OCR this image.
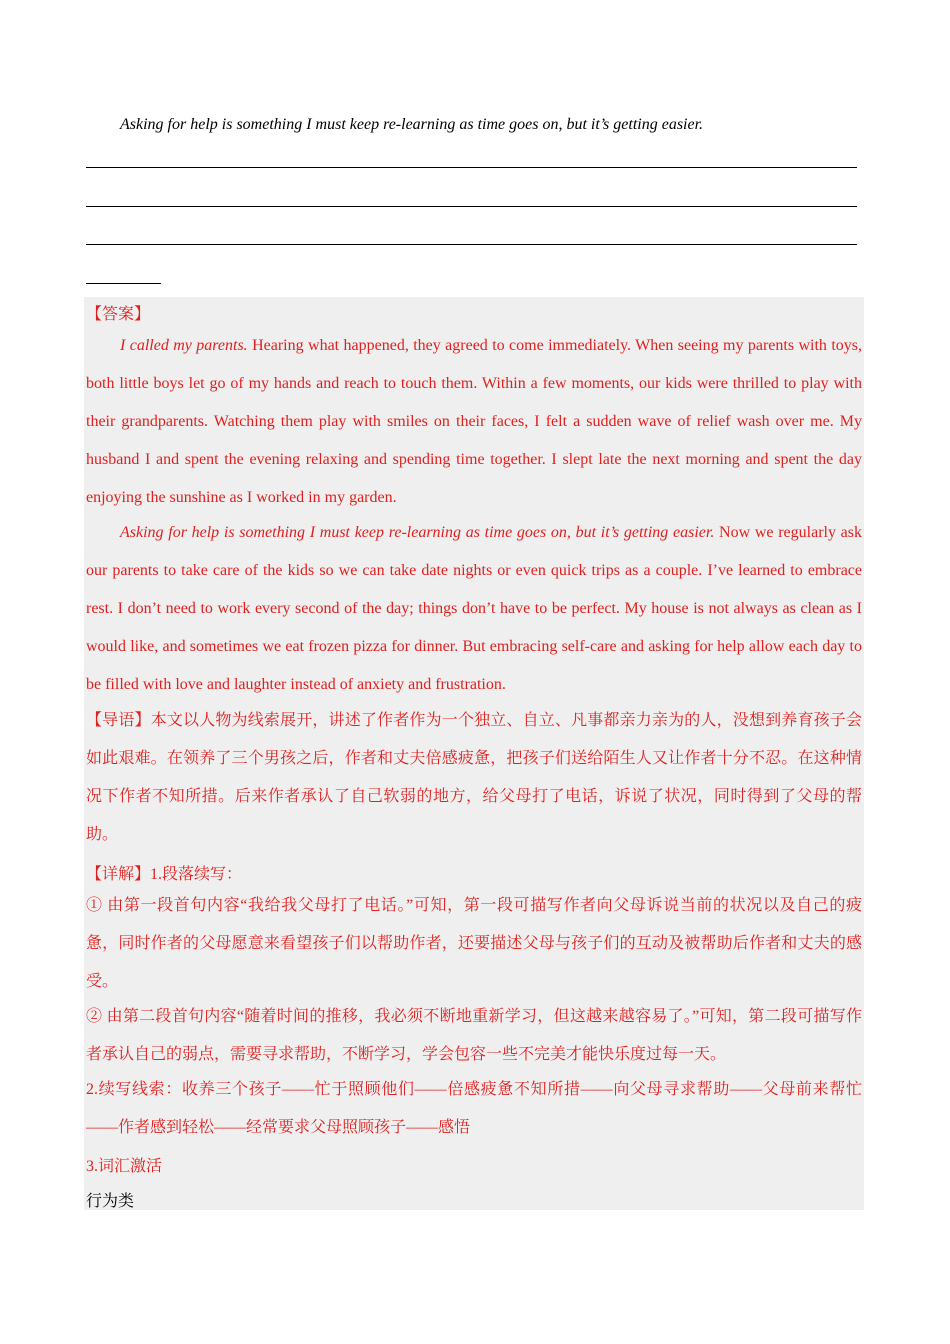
Asking for help is something I must keep re-learning as time goes on, but it’s getting easier.
【答案】

I called my parents. Hearing what happened, they agreed to come immediately. When seeing my parents with toys, both little boys let go of my hands and reach to touch them. Within a few moments, our kids were thrilled to play with their grandparents. Watching them play with smiles on their faces, I felt a sudden wave of relief wash over me. My husband I and spent the evening relaxing and spending time together. I slept late the next morning and spent the day enjoying the sunshine as I worked in my garden.

Asking for help is something I must keep re-learning as time goes on, but it’s getting easier. Now we regularly ask our parents to take care of the kids so we can take date nights or even quick trips as a couple. I’ve learned to embrace rest. I don’t need to work every second of the day; things don’t have to be perfect. My house is not always as clean as I would like, and sometimes we eat frozen pizza for dinner. But embracing self-care and asking for help allow each day to be filled with love and laughter instead of anxiety and frustration.

【导语】本文以人物为线索展开，讲述了作者作为一个独立、自立、凡事都亲力亲为的人，没想到养育孩子会如此艰难。在领养了三个男孩之后，作者和丈夫倍感疲惫，把孩子们送给陌生人又让作者十分不忍。在这种情况下作者不知所措。后来作者承认了自己软弱的地方，给父母打了电话，诉说了状况，同时得到了父母的帮助。

【详解】1.段落续写：

① 由第一段首句内容“我给我父母打了电话。”可知，第一段可描写作者向父母诉说当前的状况以及自己的疲惫，同时作者的父母愿意来看望孩子们以帮助作者，还要描述父母与孩子们的互动及被帮助后作者和丈夫的感受。

② 由第二段首句内容“随着时间的推移，我必须不断地重新学习，但这越来越容易了。”可知，第二段可描写作者承认自己的弱点，需要寻求帮助，不断学习，学会包容一些不完美才能快乐度过每一天。

2.续写线索：收养三个孩子——忙于照顾他们——倍感疲惫不知所措——向父母寻求帮助——父母前来帮忙——作者感到轻松——经常要求父母照顾孩子——感悟

3.词汇激活
行为类
